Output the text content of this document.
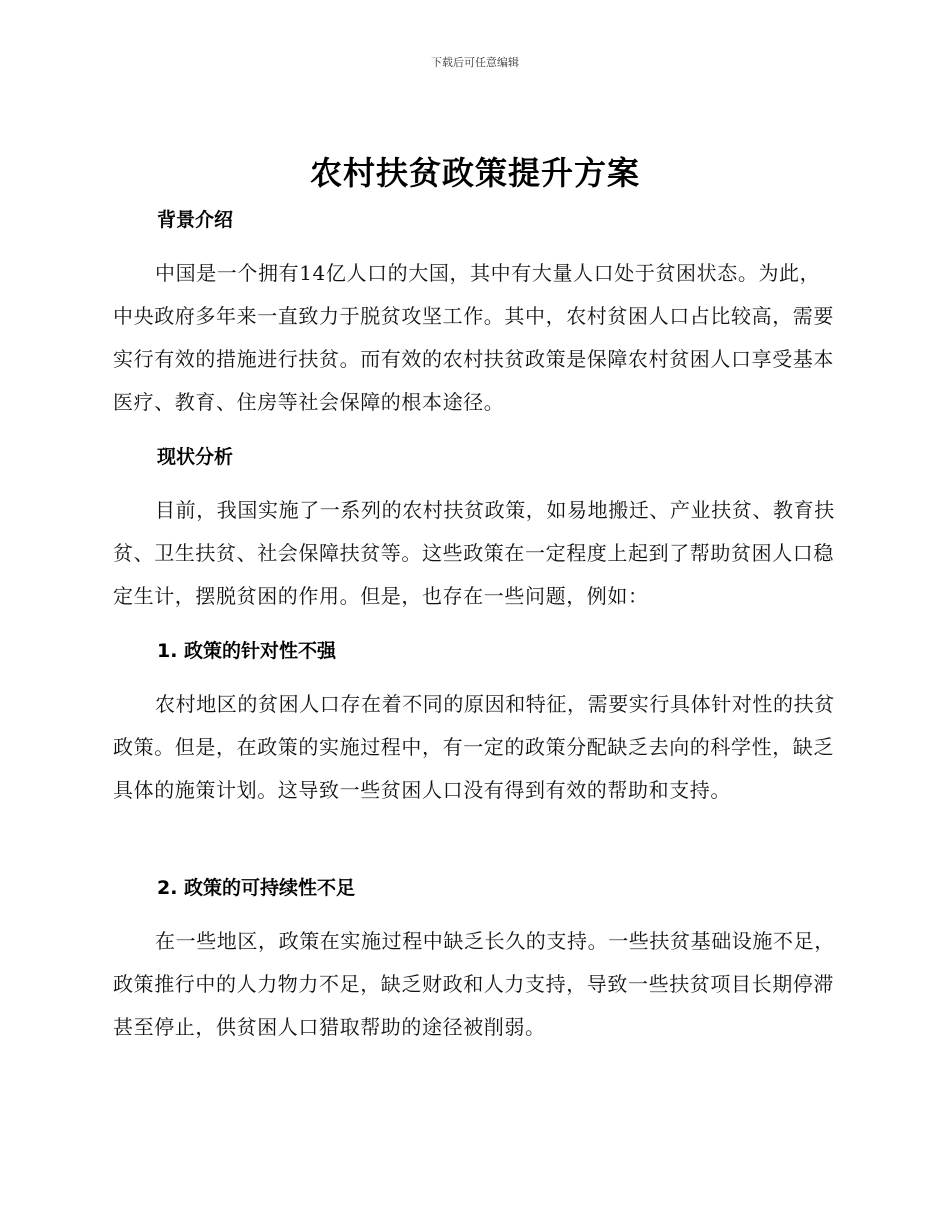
下载后可任意编辑
农村扶贫政策提升方案
背景介绍
中国是一个拥有14亿人口的大国，其中有大量人口处于贫困状态。为此，中央政府多年来一直致力于脱贫攻坚工作。其中，农村贫困人口占比较高，需要实行有效的措施进行扶贫。而有效的农村扶贫政策是保障农村贫困人口享受基本医疗、教育、住房等社会保障的根本途径。
现状分析
目前，我国实施了一系列的农村扶贫政策，如易地搬迁、产业扶贫、教育扶贫、卫生扶贫、社会保障扶贫等。这些政策在一定程度上起到了帮助贫困人口稳定生计，摆脱贫困的作用。但是，也存在一些问题，例如：
1. 政策的针对性不强
农村地区的贫困人口存在着不同的原因和特征，需要实行具体针对性的扶贫政策。但是，在政策的实施过程中，有一定的政策分配缺乏去向的科学性，缺乏具体的施策计划。这导致一些贫困人口没有得到有效的帮助和支持。
2. 政策的可持续性不足
在一些地区，政策在实施过程中缺乏长久的支持。一些扶贫基础设施不足，政策推行中的人力物力不足，缺乏财政和人力支持，导致一些扶贫项目长期停滞甚至停止，供贫困人口猎取帮助的途径被削弱。
